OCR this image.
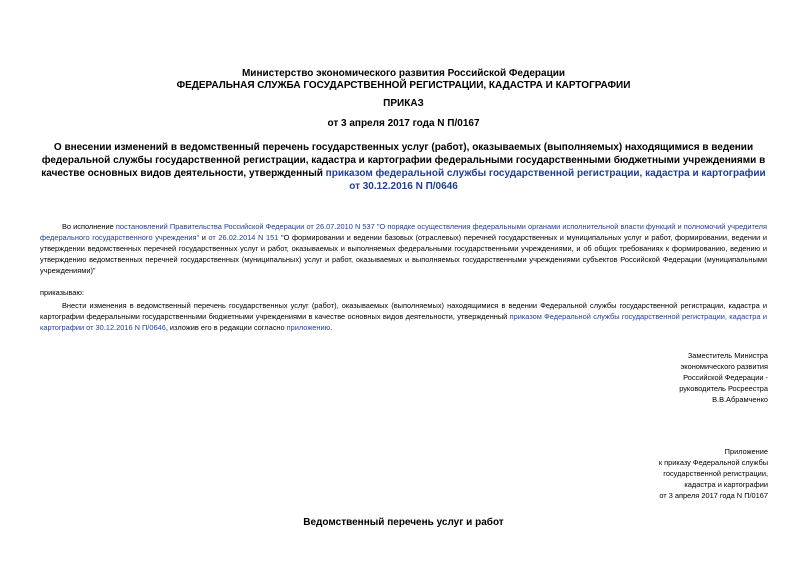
Министерство экономического развития Российской Федерации
ФЕДЕРАЛЬНАЯ СЛУЖБА ГОСУДАРСТВЕННОЙ РЕГИСТРАЦИИ, КАДАСТРА И КАРТОГРАФИИ
ПРИКАЗ
от 3 апреля 2017 года N П/0167
О внесении изменений в ведомственный перечень государственных услуг (работ), оказываемых (выполняемых) находящимися в ведении федеральной службы государственной регистрации, кадастра и картографии федеральными государственными бюджетными учреждениями в качестве основных видов деятельности, утвержденный приказом федеральной службы государственной регистрации, кадастра и картографии от 30.12.2016 N П/0646
Во исполнение постановлений Правительства Российской Федерации от 26.07.2010 N 537 "О порядке осуществления федеральными органами исполнительной власти функций и полномочий учредителя федерального государственного учреждения" и от 26.02.2014 N 151 "О формировании и ведении базовых (отраслевых) перечней государственных и муниципальных услуг и работ, формировании, ведении и утверждении ведомственных перечней государственных услуг и работ, оказываемых и выполняемых федеральными государственными учреждениями, и об общих требованиях к формированию, ведению и утверждению ведомственных перечней государственных (муниципальных) услуг и работ, оказываемых и выполняемых государственными учреждениями субъектов Российской Федерации (муниципальными учреждениями)"
приказываю:
Внести изменения в ведомственный перечень государственных услуг (работ), оказываемых (выполняемых) находящимися в ведении Федеральной службы государственной регистрации, кадастра и картографии федеральными государственными бюджетными учреждениями в качестве основных видов деятельности, утвержденный приказом Федеральной службы государственной регистрации, кадастра и картографии от 30.12.2016 N П/0646, изложив его в редакции согласно приложению.
Заместитель Министра
экономического развития
Российской Федерации -
руководитель Росреестра
В.В.Абрамченко
Приложение
к приказу Федеральной службы
государственной регистрации,
кадастра и картографии
от 3 апреля 2017 года N П/0167
Ведомственный перечень услуг и работ
